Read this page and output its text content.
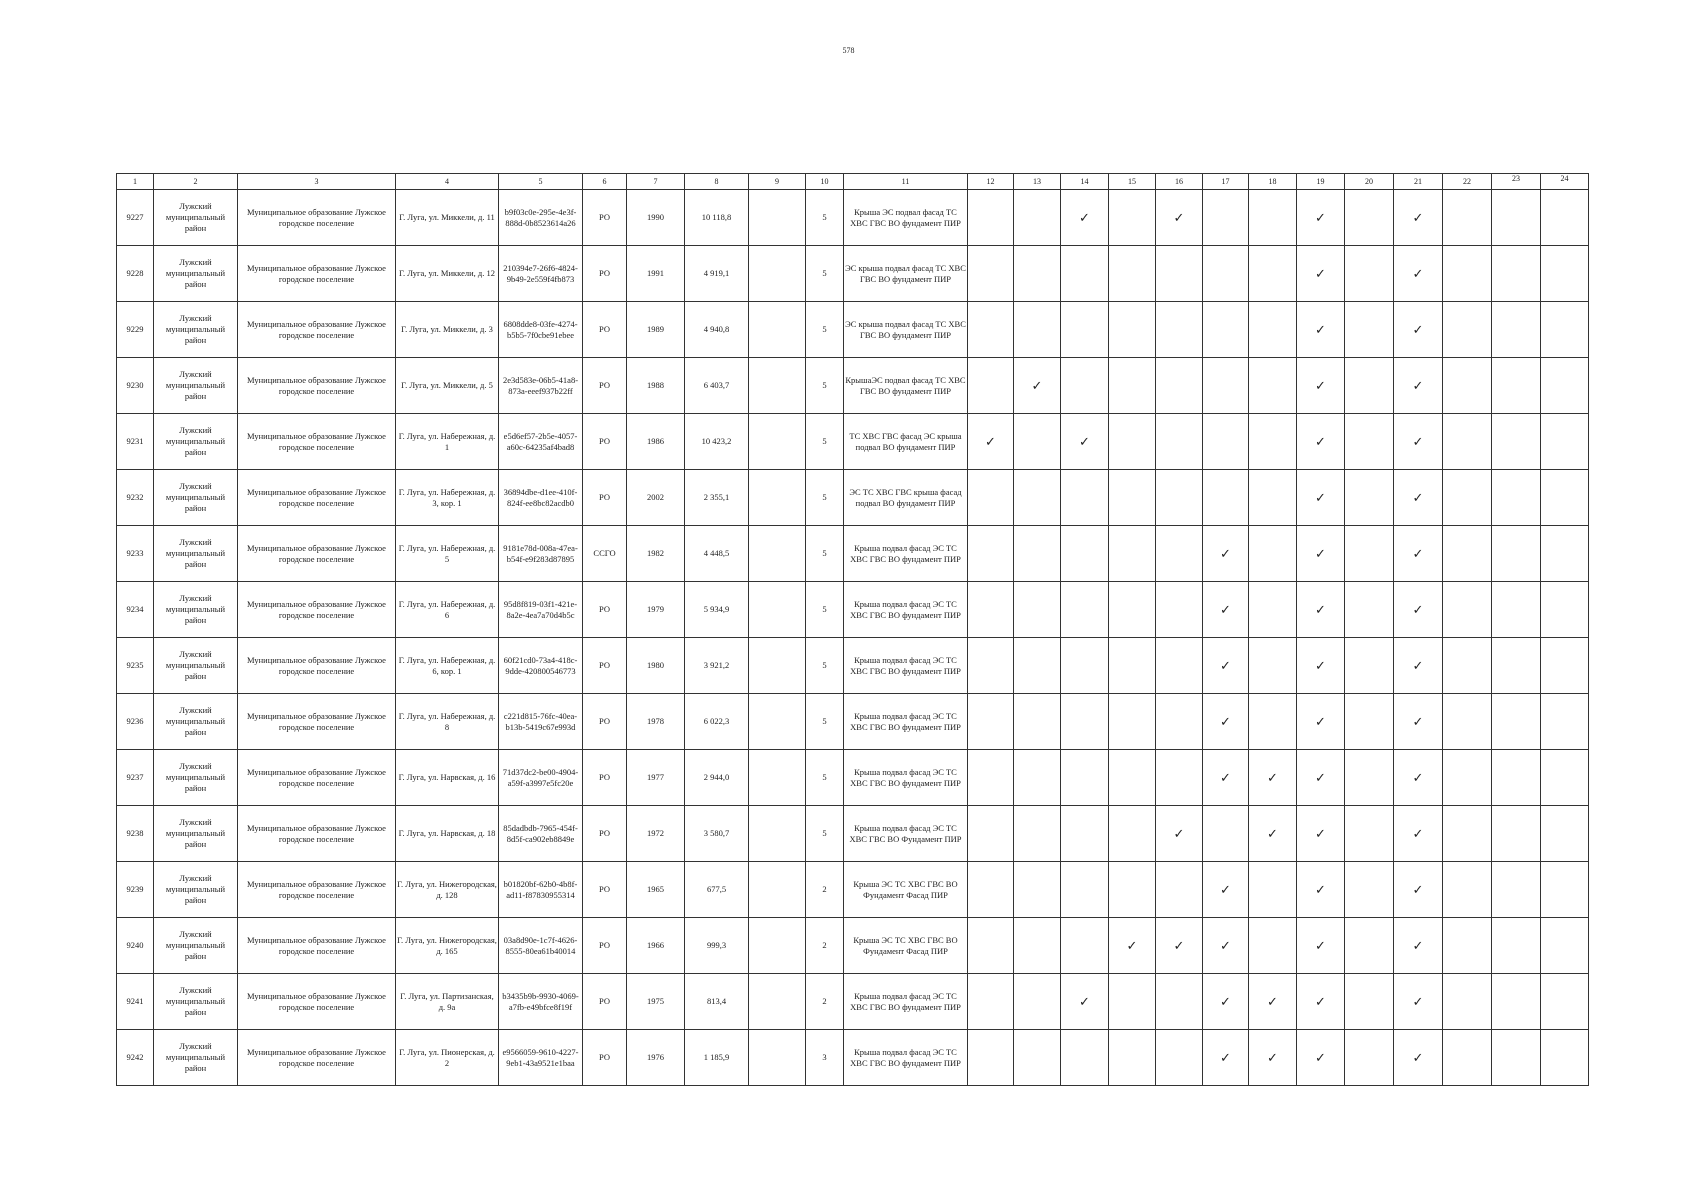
578
1	2	3	4	5	6	7	8	9	10	11	12	13	14	15	16	17	18	19	20	21	22	23	24
9227	Лужский муниципальный район	Муниципальное образование Лужское городское поселение	Г. Луга, ул. Миккели, д. 11	b9f03c0e-295e-4e3f-888d-0b8523614a26	РО	1990	10 118,8		5	Крыша ЭС подвал фасад ТС ХВС ГВС ВО фундамент ПИР			✓		✓			✓		✓			
9228	Лужский муниципальный район	Муниципальное образование Лужское городское поселение	Г. Луга, ул. Миккели, д. 12	210394e7-26f6-4824-9b49-2e559f4fb873	РО	1991	4 919,1		5	ЭС крыша подвал фасад ТС ХВС ГВС ВО фундамент ПИР								✓		✓			
9229	Лужский муниципальный район	Муниципальное образование Лужское городское поселение	Г. Луга, ул. Миккели, д. 3	6808dde8-03fe-4274-b5b5-7f0cbe91ebee	РО	1989	4 940,8		5	ЭС крыша подвал фасад ТС ХВС ГВС ВО фундамент ПИР								✓		✓			
9230	Лужский муниципальный район	Муниципальное образование Лужское городское поселение	Г. Луга, ул. Миккели, д. 5	2e3d583e-06b5-41a8-873a-eeef937b22ff	РО	1988	6 403,7		5	КрышаЭС подвал фасад ТС ХВС ГВС ВО фундамент ПИР		✓						✓		✓			
9231	Лужский муниципальный район	Муниципальное образование Лужское городское поселение	Г. Луга, ул. Набережная, д. 1	e5d6ef57-2b5e-4057-a60c-64235af4bad8	РО	1986	10 423,2		5	ТС ХВС ГВС фасад ЭС крыша подвал ВО фундамент ПИР	✓		✓					✓		✓			
9232	Лужский муниципальный район	Муниципальное образование Лужское городское поселение	Г. Луга, ул. Набережная, д. 3, кор. 1	36894dbe-d1ee-410f-824f-ee8bc82acdb0	РО	2002	2 355,1		5	ЭС ТС ХВС ГВС крыша фасад подвал ВО фундамент ПИР								✓		✓			
9233	Лужский муниципальный район	Муниципальное образование Лужское городское поселение	Г. Луга, ул. Набережная, д. 5	9181e78d-008a-47ea-b54f-e9f283d87895	ССГО	1982	4 448,5		5	Крыша подвал фасад ЭС ТС ХВС ГВС ВО фундамент ПИР						✓		✓		✓			
9234	Лужский муниципальный район	Муниципальное образование Лужское городское поселение	Г. Луга, ул. Набережная, д. 6	95d8f819-03f1-421e-8a2e-4ea7a70d4b5c	РО	1979	5 934,9		5	Крыша подвал фасад ЭС ТС ХВС ГВС ВО фундамент ПИР						✓		✓		✓			
9235	Лужский муниципальный район	Муниципальное образование Лужское городское поселение	Г. Луга, ул. Набережная, д. 6, кор. 1	60f21cd0-73a4-418c-9dde-420800546773	РО	1980	3 921,2		5	Крыша подвал фасад ЭС ТС ХВС ГВС ВО фундамент ПИР						✓		✓		✓			
9236	Лужский муниципальный район	Муниципальное образование Лужское городское поселение	Г. Луга, ул. Набережная, д. 8	c221d815-76fc-40ea-b13b-5419c67e993d	РО	1978	6 022,3		5	Крыша подвал фасад ЭС ТС ХВС ГВС ВО фундамент ПИР						✓		✓		✓			
9237	Лужский муниципальный район	Муниципальное образование Лужское городское поселение	Г. Луга, ул. Нарвская, д. 16	71d37dc2-be00-4904-a59f-a3997e5fc20e	РО	1977	2 944,0		5	Крыша подвал фасад ЭС ТС ХВС ГВС ВО фундамент ПИР						✓	✓	✓		✓			
9238	Лужский муниципальный район	Муниципальное образование Лужское городское поселение	Г. Луга, ул. Нарвская, д. 18	85dadbdb-7965-454f-8d5f-ca902eb8849e	РО	1972	3 580,7		5	Крыша подвал фасад ЭС ТС ХВС ГВС ВО Фундамент ПИР					✓		✓	✓		✓			
9239	Лужский муниципальный район	Муниципальное образование Лужское городское поселение	Г. Луга, ул. Нижегородская, д. 128	b01820bf-62b0-4b8f-ad11-f87830955314	РО	1965	677,5		2	Крыша ЭС ТС ХВС ГВС ВО Фундамент Фасад ПИР						✓		✓		✓			
9240	Лужский муниципальный район	Муниципальное образование Лужское городское поселение	Г. Луга, ул. Нижегородская, д. 165	03a8d90e-1c7f-4626-8555-80ea61b40014	РО	1966	999,3		2	Крыша ЭС ТС ХВС ГВС ВО Фундамент Фасад ПИР				✓	✓	✓		✓		✓			
9241	Лужский муниципальный район	Муниципальное образование Лужское городское поселение	Г. Луга, ул. Партизанская, д. 9а	b3435b9b-9930-4069-a7fb-e49bfce8f19f	РО	1975	813,4		2	Крыша подвал фасад ЭС ТС ХВС ГВС ВО фундамент ПИР			✓			✓	✓	✓		✓			
9242	Лужский муниципальный район	Муниципальное образование Лужское городское поселение	Г. Луга, ул. Пионерская, д. 2	e9566059-9610-4227-9eb1-43a9521e1baa	РО	1976	1 185,9		3	Крыша подвал фасад ЭС ТС ХВС ГВС ВО фундамент ПИР						✓	✓	✓		✓			
